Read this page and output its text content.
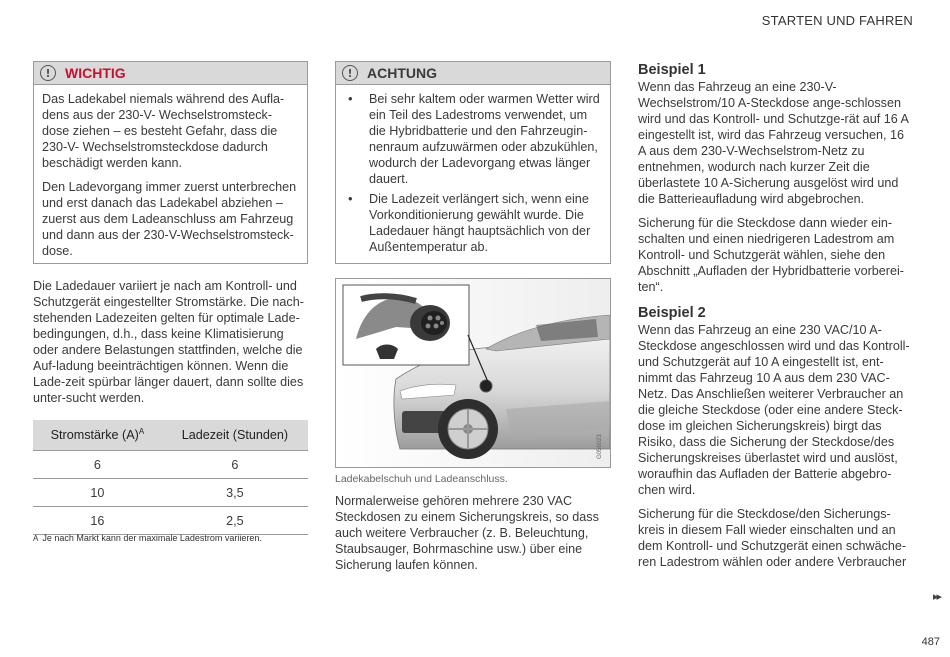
STARTEN UND FAHREN
!	WICHTIG

Das Ladekabel niemals während des Aufla-dens aus der 230-V- Wechselstromsteck-dose ziehen – es besteht Gefahr, dass die 230-V- Wechselstromsteckdose dadurch beschädigt werden kann.

Den Ladevorgang immer zuerst unterbrechen und erst danach das Ladekabel abziehen – zuerst aus dem Ladeanschluss am Fahrzeug und dann aus der 230-V-Wechselstromsteck-dose.

Die Ladedauer variiert je nach am Kontroll- und Schutzgerät eingestellter Stromstärke. Die nach-stehenden Ladezeiten gelten für optimale Lade-bedingungen, d.h., dass keine Klimatisierung oder andere Belastungen stattfinden, welche die Auf-ladung beeinträchtigen können. Wenn die Lade-zeit spürbar länger dauert, dann sollte dies unter-sucht werden.

Stromstärke $(A)^A$	Ladezeit (Stunden)
6	6
10	3,5
16	2,5
A Je nach Markt kann der maximale Ladestrom variieren.
!	ACHTUNG
• Bei sehr kaltem oder warmen Wetter wird ein Teil des Ladestroms verwendet, um die Hybridbatterie und den Fahrzeugin-nenraum aufzuwärmen oder abzukühlen, wodurch der Ladevorgang etwas länger dauert.
• Die Ladezeit verlängert sich, wenn eine Vorkonditionierung gewählt wurde. Die Ladedauer hängt hauptsächlich von der Außentemperatur ab.
G056023
Ladekabelschuh und Ladeanschluss.

Normalerweise gehören mehrere 230 VAC Steckdosen zu einem Sicherungskreis, so dass auch weitere Verbraucher (z. B. Beleuchtung, Staubsauger, Bohrmaschine usw.) über eine Sicherung laufen können.

Beispiel 1

Wenn das Fahrzeug an eine 230-V-Wechselstrom/10 A-Steckdose ange-schlossen wird und das Kontroll- und Schutzge-rät auf 16 A eingestellt ist, wird das Fahrzeug versuchen, 16 A aus dem 230-V-Wechselstrom-Netz zu entnehmen, wodurch nach kurzer Zeit die überlastete 10 A-Sicherung ausgelöst wird und die Batterieaufladung wird abgebrochen.

Sicherung für die Steckdose dann wieder ein-schalten und einen niedrigeren Ladestrom am Kontroll- und Schutzgerät wählen, siehe den Abschnitt „Aufladen der Hybridbatterie vorberei-ten“.

Beispiel 2

Wenn das Fahrzeug an eine 230 VAC/10 A-Steckdose angeschlossen wird und das Kontroll- und Schutzgerät auf 10 A eingestellt ist, ent-nimmt das Fahrzeug 10 A aus dem 230 VAC-Netz. Das Anschließen weiterer Verbraucher an die gleiche Steckdose (oder eine andere Steck-dose im gleichen Sicherungskreis) birgt das Risiko, dass die Sicherung der Steckdose/des Sicherungskreises überlastet wird und auslöst, woraufhin das Aufladen der Batterie abgebro-chen wird.

Sicherung für die Steckdose/den Sicherungs-kreis in diesem Fall wieder einschalten und an dem Kontroll- und Schutzgerät einen schwäche-ren Ladestrom wählen oder andere Verbraucher

▸▸
487
